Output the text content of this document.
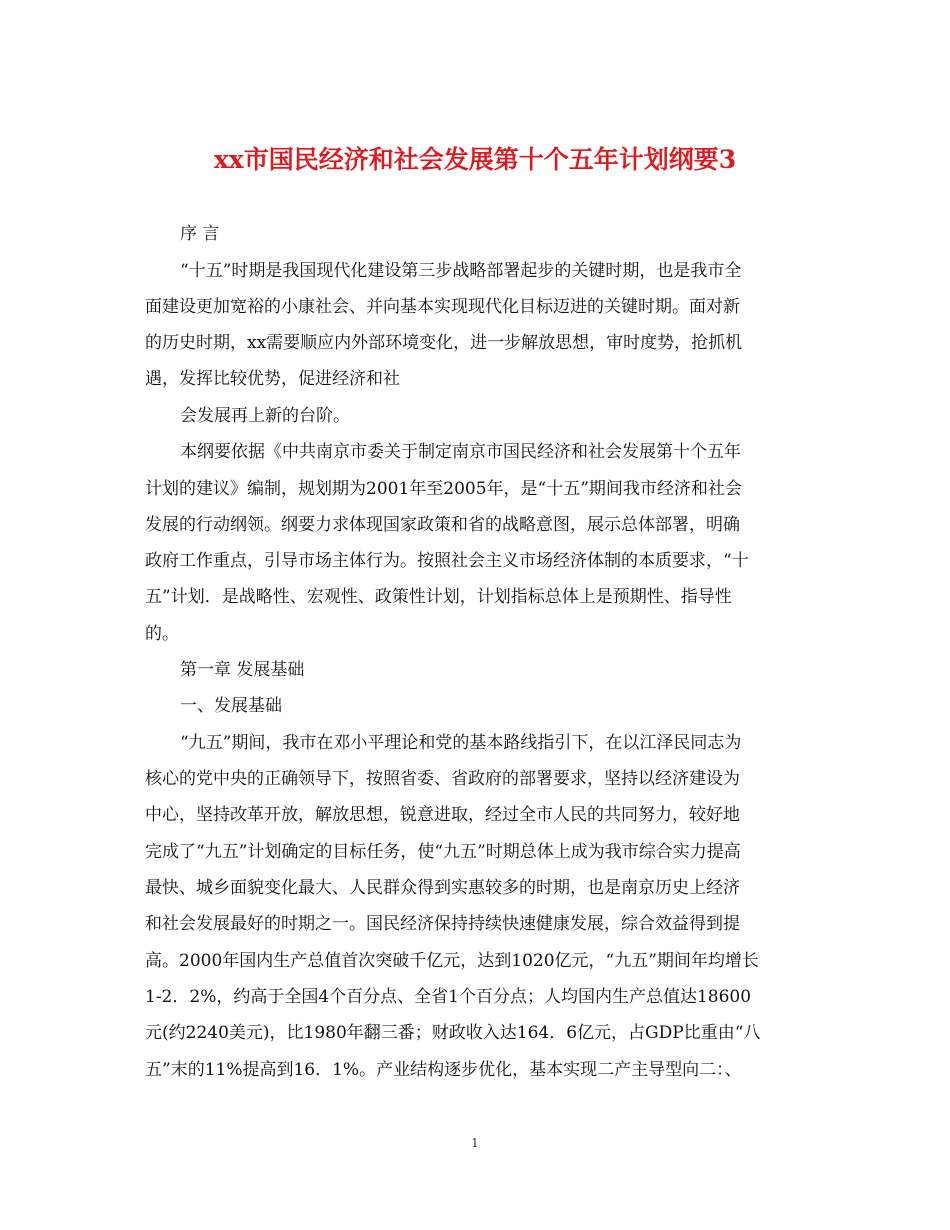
xx市国民经济和社会发展第十个五年计划纲要3
序 言
“十五”时期是我国现代化建设第三步战略部署起步的关键时期，也是我市全
面建设更加宽裕的小康社会、并向基本实现现代化目标迈进的关键时期。面对新
的历史时期，xx需要顺应内外部环境变化，进一步解放思想，审时度势，抢抓机
遇，发挥比较优势，促进经济和社
会发展再上新的台阶。
本纲要依据《中共南京市委关于制定南京市国民经济和社会发展第十个五年
计划的建议》编制，规划期为2001年至2005年，是“十五”期间我市经济和社会
发展的行动纲领。纲要力求体现国家政策和省的战略意图，展示总体部署，明确
政府工作重点，引导市场主体行为。按照社会主义市场经济体制的本质要求，“十
五”计划．是战略性、宏观性、政策性计划，计划指标总体上是预期性、指导性
的。
第一章 发展基础
一、发展基础
“九五”期间，我市在邓小平理论和党的基本路线指引下，在以江泽民同志为
核心的党中央的正确领导下，按照省委、省政府的部署要求，坚持以经济建设为
中心，坚持改革开放，解放思想，锐意进取，经过全市人民的共同努力，较好地
完成了“九五”计划确定的目标任务，使“九五”时期总体上成为我市综合实力提高
最快、城乡面貌变化最大、人民群众得到实惠较多的时期，也是南京历史上经济
和社会发展最好的时期之一。国民经济保持持续快速健康发展，综合效益得到提
高。2000年国内生产总值首次突破千亿元，达到1020亿元，“九五”期间年均增长
1-2．2%，约高于全国4个百分点、全省1个百分点；人均国内生产总值达18600
元(约2240美元)，比1980年翻三番；财政收入达164．6亿元，占GDP比重由“八
五”末的11%提高到16．1%。产业结构逐步优化，基本实现二产主导型向二：、
1
